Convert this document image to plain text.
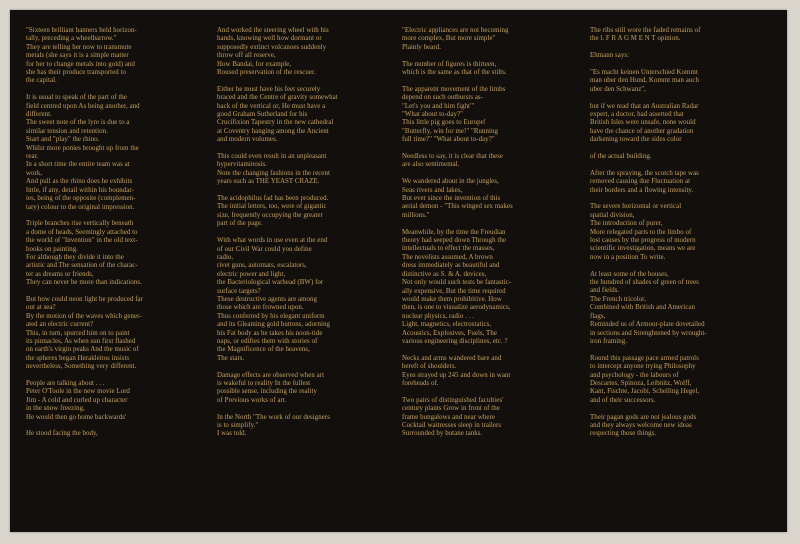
"Sixteen brilliant banners held horizon-
tally, preceding a wheelbarrow."
They are telling her now to transmute
metals (she says it is a simple matter
for her to change metals into gold) and
she has their produce transported to
the capital.

It is usual to speak of the part of the
field centred upon As being another, and
different.
The sweet note of the lyre is due to a
similar tension and retention.
Start and "play" the rhino.
Whilst more ponies brought up from the
rear.
In a short time the entire team was at
work,
And pull as the rhino does he exhibits
little, if any, detail within his boundar-
ies, being of the opposite (complemen-
tary) colour to the original impression.

Triple branches rise vertically beneath
a dome of heads, Seemingly attached to
the world of "Invention" in the old text-
books on painting.
For although they divide it into the
artistic and The sensation of the charac-
ter as dreams or friends,
They can never be more than indications.

But how could neon light be produced far
out at sea?
By the motion of the waves which gener-
ated an electric current?
This, in turn, spurred him on to paint
its pinnacles, As when sun first flashed
on earth's virgin peaks And the music of
the spheres began Herakleitos insists
nevertheless, Something very different.

People are talking about . . .
Peter O'Toole in the new movie Lord
Jim - A cold and curled up character
in the snow freezing,
He would then go home backwards'

He stood facing the body,

And worked the steering wheel with his
hands, knowing well how dormant or
supposedly extinct volcanoes suddenly
throw off all reserve,
How Bandai, for example,
Roused preservation of the rescuer.

Either he must have his feet securely
braced and the Centre of gravity somewhat
back of the vertical or, He must have a
good Graham Sutherland for his
Crucifixion Tapestry in the new cathedral
at Coventry hanging among the Ancient
and modern volumes.

This could even result in an unpleasant
hypervitaminosis.
Note the changing fashions in the recent
years such as THE YEAST CRAZE.

The acidophilus fad has been produced.
The initial letters, too, were of gigantic
size, frequently occupying the greater
part of the page.

With what words in use even at the end
of our Civil War could you define
radio,
rivet guns, automats, escalators,
electric power and light,
the Bacteriological warhead (BW) for
surface targets?
These destructive agents are among
those which are frowned upon.
Thus conferred by his elegant uniform
and its Gleaming gold buttons, adorning
his Fat body as he takes his noon-tide
naps, or edifies them with stories of
the Magnificence of the heavens,
The stars.

Damage effects are observed when art
is wakeful to reality In the fullest
possible sense, including the reality
of Previous works of art.

In the North "The work of our designers
is to simplify."
I was told.

"Electric appliances are not becoming
more complex, But more simple"
Plainly heard.

The number of figures is thirteen,
which is the same as that of the stilts.

The apparent movement of the limbs
depend on such outbursts as-
"Let's you and him fight'"
"What about to-day?"
This little pig goes to Europe!
"Butterfly, win for me!" "Running
full time?" "What about to-day?"

Needless to say, it is clear that these
are also sentimental.

We wandered about in the jungles,
Seas rivers and lakes,
But ever since the invention of this
aerial demon - "This winged sex makes
millions."

Meanwhile, by the time the Freudian
theory had seeped down Through the
intellectuals to effect the masses,
The novelists assumed, A brown
dress immediately as beautiful and
distinctive as S. & A. devices,
Not only would such tests be fantastic-
ally expensive, But the time required
would make them prohibitive. How
then, is one to visualize aerodynamics,
nuclear physics, radio . . .
Light, magnetics, electrostatics,
Acoustics, Explosives, Fuels, The
various engineering disciplines, etc. ?

Necks and arms wandered bare and
bereft of shoulders.
Eyes strayed up 245 and down in want
foreheads of.

Two pairs of distinguished faculties'
century plants Grow in front of the
frame bungalows and near where
Cocktail waitresses sleep in trailers
Surrounded by butane tanks.

The ribs still wore the faded remains of
the l. F R A G M E N T opinion.

Ehmann says:

"Es macht keinen Unterschied Kommt
man uber den Hund, Kommt man auch
uber den Schwanz",

but if we read that an Australian Radar
expert, a doctor, had asserted that
British Isles were unsafe, none would
have the chance of another gradation
darkening toward the sides color

of the actual building.

After the spraying, the scotch tape was
removed causing due Fluctuation at
their borders and a flowing intensity.

The severe horizontal or vertical
spatial division,
The introduction of purer,
More relegated parts to the limbo of
lost causes by the progress of modern
scientific investigation, means we are
now in a position To write.

At least some of the houses,
the hundred of shades of green of trees
and fields.
The French tricolor,
Combined with British and American
flags,
Reminded us of Armour-plate dovetailed
in sections and Strenghtened by wrought-
iron framing.

Round this passage pace armed patrols
to intercept anyone trying Philosophy
and psychology - the labours of
Descartes, Spinoza, Leibnitz, Wolff,
Kant, Fischte, Jacobi, Schelling Hegel,
and of their successors.

Their pagan gods are not jealous gods
and they always welcome new ideas
respecting those things.
